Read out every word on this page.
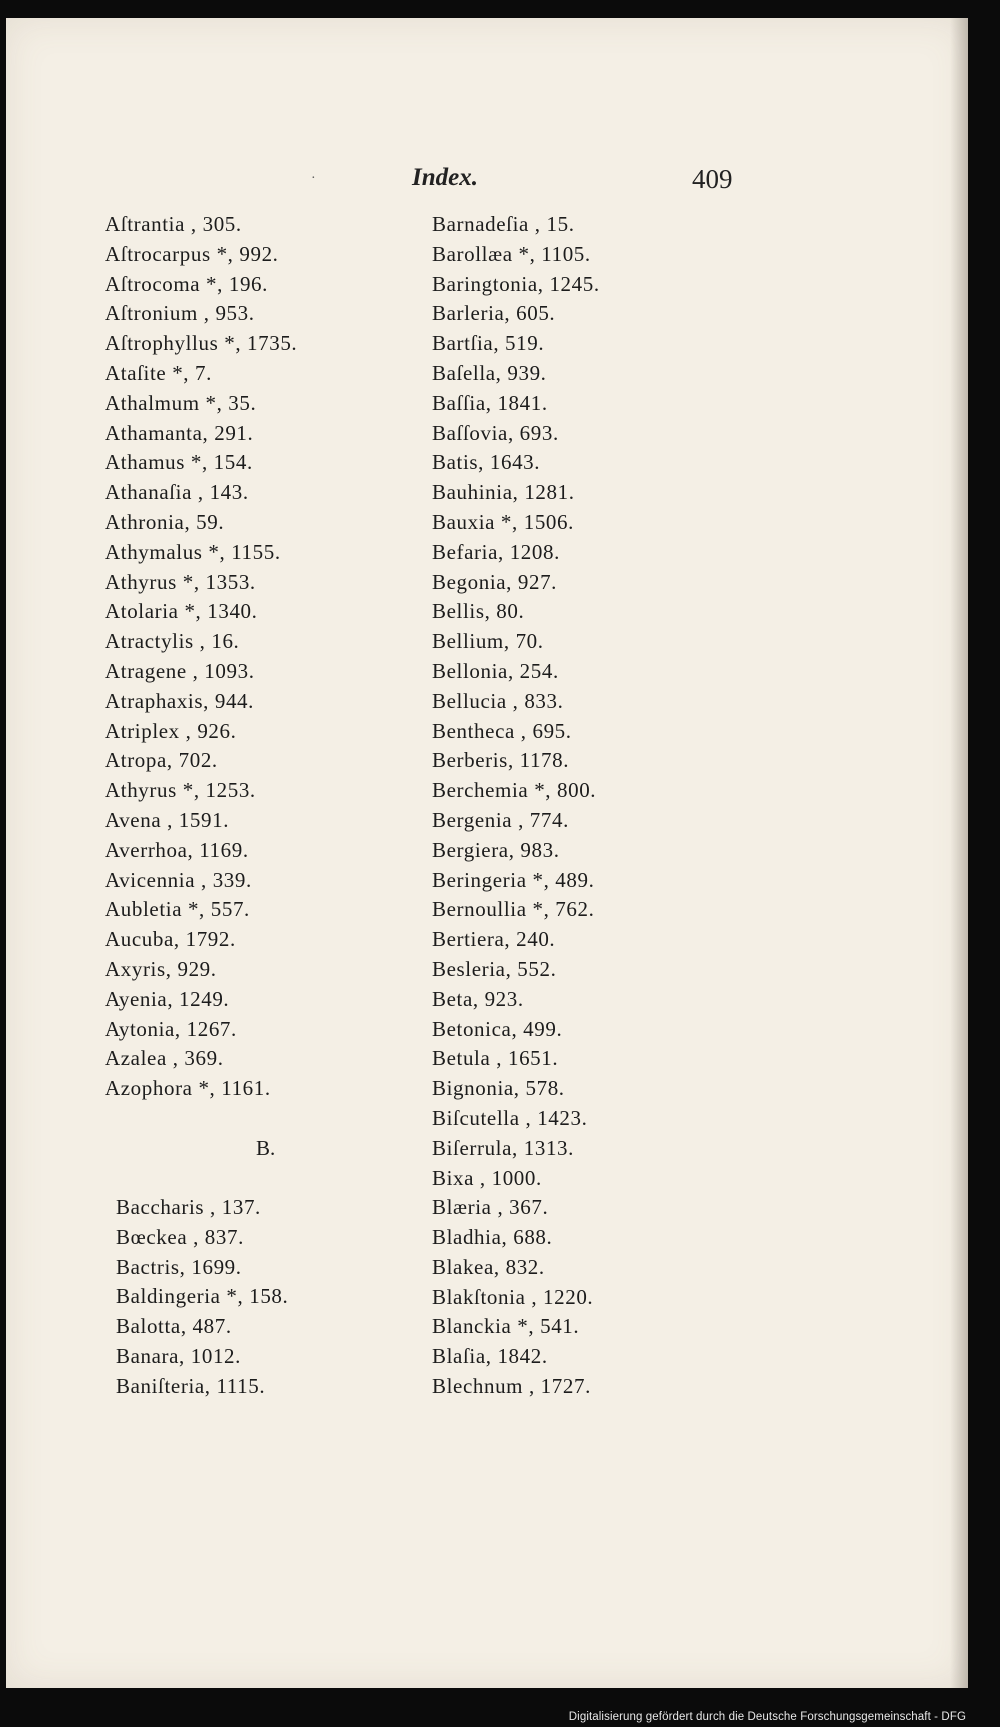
·	Index.	409
Aſtrantia , 305.
Aſtrocarpus *, 992.
Aſtrocoma *, 196.
Aſtronium , 953.
Aſtrophyllus *, 1735.
Ataſite *, 7.
Athalmum *, 35.
Athamanta, 291.
Athamus *, 154.
Athanaſia , 143.
Athronia, 59.
Athymalus *, 1155.
Athyrus *, 1353.
Atolaria *, 1340.
Atractylis , 16.
Atragene , 1093.
Atraphaxis, 944.
Atriplex , 926.
Atropa, 702.
Athyrus *, 1253.
Avena , 1591.
Averrhoa, 1169.
Avicennia , 339.
Aubletia *, 557.
Aucuba, 1792.
Axyris, 929.
Ayenia, 1249.
Aytonia, 1267.
Azalea , 369.
Azophora *, 1161.
B.
Baccharis , 137.
Bœckea , 837.
Bactris, 1699.
Baldingeria *, 158.
Balotta, 487.
Banara, 1012.
Baniſteria, 1115.
Barnadeſia , 15.
Barollæa *, 1105.
Baringtonia, 1245.
Barleria, 605.
Bartſia, 519.
Baſella, 939.
Baſſia, 1841.
Baſſovia, 693.
Batis, 1643.
Bauhinia, 1281.
Bauxia *, 1506.
Befaria, 1208.
Begonia, 927.
Bellis, 80.
Bellium, 70.
Bellonia, 254.
Bellucia , 833.
Bentheca , 695.
Berberis, 1178.
Berchemia *, 800.
Bergenia , 774.
Bergiera, 983.
Beringeria *, 489.
Bernoullia *, 762.
Bertiera, 240.
Besleria, 552.
Beta, 923.
Betonica, 499.
Betula , 1651.
Bignonia, 578.
Biſcutella , 1423.
Biſerrula, 1313.
Bixa , 1000.
Blæria , 367.
Bladhia, 688.
Blakea, 832.
Blakſtonia , 1220.
Blanckia *, 541.
Blaſia, 1842.
Blechnum , 1727.
Digitalisierung gefördert durch die Deutsche Forschungsgemeinschaft - DFG
